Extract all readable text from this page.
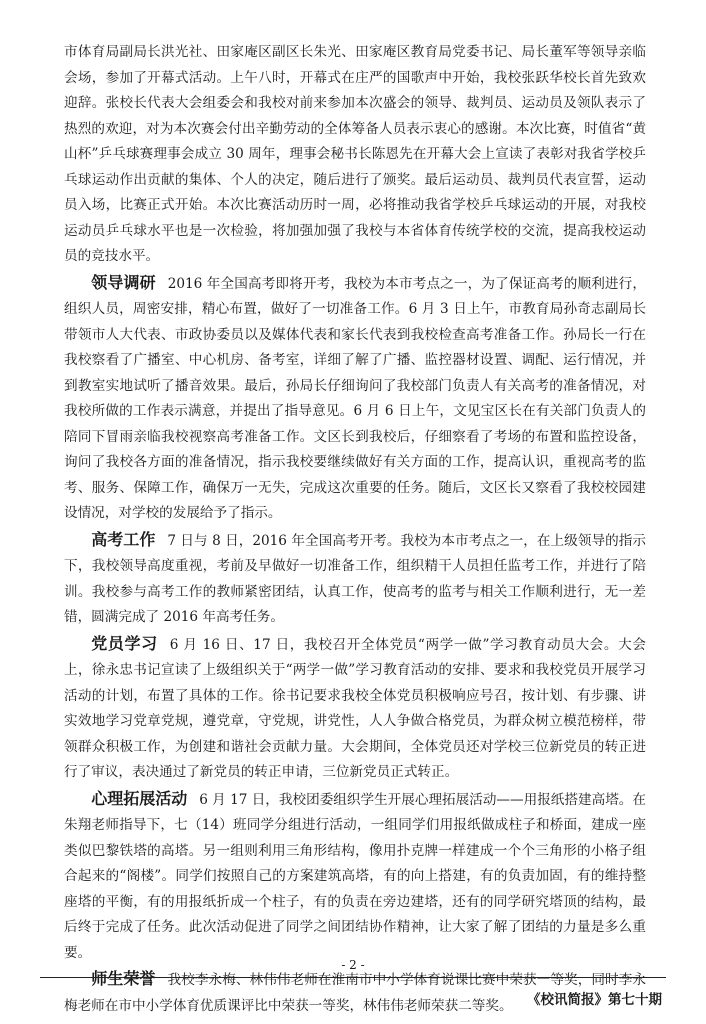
市体育局副局长洪光社、田家庵区副区长朱光、田家庵区教育局党委书记、局长董军等领导亲临会场，参加了开幕式活动。上午八时，开幕式在庄严的国歌声中开始，我校张跃华校长首先致欢迎辞。张校长代表大会组委会和我校对前来参加本次盛会的领导、裁判员、运动员及领队表示了热烈的欢迎，对为本次赛会付出辛勤劳动的全体筹备人员表示衷心的感谢。本次比赛，时值省“黄山杯”乒乓球赛理事会成立 30 周年，理事会秘书长陈恩先在开幕大会上宣读了表彰对我省学校乒乓球运动作出贡献的集体、个人的决定，随后进行了颁奖。最后运动员、裁判员代表宣誓，运动员入场，比赛正式开始。本次比赛活动历时一周，必将推动我省学校乒乓球运动的开展，对我校运动员乒乓球水平也是一次检验，将加强加强了我校与本省体育传统学校的交流，提高我校运动员的竞技水平。

领导调研 2016 年全国高考即将开考，我校为本市考点之一，为了保证高考的顺利进行，组织人员，周密安排，精心布置，做好了一切准备工作。6 月 3 日上午，市教育局孙奇志副局长带领市人大代表、市政协委员以及媒体代表和家长代表到我校检查高考准备工作。孙局长一行在我校察看了广播室、中心机房、备考室，详细了解了广播、监控器材设置、调配、运行情况，并到教室实地试听了播音效果。最后，孙局长仔细询问了我校部门负责人有关高考的准备情况，对我校所做的工作表示满意，并提出了指导意见。6 月 6 日上午，文见宝区长在有关部门负责人的陪同下冒雨亲临我校视察高考准备工作。文区长到我校后，仔细察看了考场的布置和监控设备，询问了我校各方面的准备情况，指示我校要继续做好有关方面的工作，提高认识，重视高考的监考、服务、保障工作，确保万一无失，完成这次重要的任务。随后，文区长又察看了我校校园建设情况，对学校的发展给予了指示。

高考工作 7 日与 8 日，2016 年全国高考开考。我校为本市考点之一，在上级领导的指示下，我校领导高度重视，考前及早做好一切准备工作，组织精干人员担任监考工作，并进行了陪训。我校参与高考工作的教师紧密团结，认真工作，使高考的监考与相关工作顺利进行，无一差错，圆满完成了 2016 年高考任务。

党员学习 6 月 16 日、17 日，我校召开全体党员“两学一做”学习教育动员大会。大会上，徐永忠书记宣读了上级组织关于“两学一做”学习教育活动的安排、要求和我校党员开展学习活动的计划，布置了具体的工作。徐书记要求我校全体党员积极响应号召，按计划、有步骤、讲实效地学习党章党规，遵党章，守党规，讲党性，人人争做合格党员，为群众树立模范榜样，带领群众积极工作，为创建和谐社会贡献力量。大会期间，全体党员还对学校三位新党员的转正进行了审议，表决通过了新党员的转正申请，三位新党员正式转正。

心理拓展活动 6 月 17 日，我校团委组织学生开展心理拓展活动——用报纸搭建高塔。在朱翔老师指导下，七（14）班同学分组进行活动，一组同学们用报纸做成柱子和桥面，建成一座类似巴黎铁塔的高塔。另一组则利用三角形结构，像用扑克牌一样建成一个个三角形的小格子组合起来的“阁楼”。同学们按照自己的方案建筑高塔，有的向上搭建，有的负责加固，有的维持整座塔的平衡，有的用报纸折成一个柱子，有的负责在旁边建塔，还有的同学研究塔顶的结构，最后终于完成了任务。此次活动促进了同学之间团结协作精神，让大家了解了团结的力量是多么重要。

师生荣誉 我校李永梅、林伟伟老师在淮南市中小学体育说课比赛中荣获一等奖，同时李永梅老师在市中小学体育优质课评比中荣获一等奖，林伟伟老师荣获二等奖。

- 2 -
《校讯简报》第七十期
